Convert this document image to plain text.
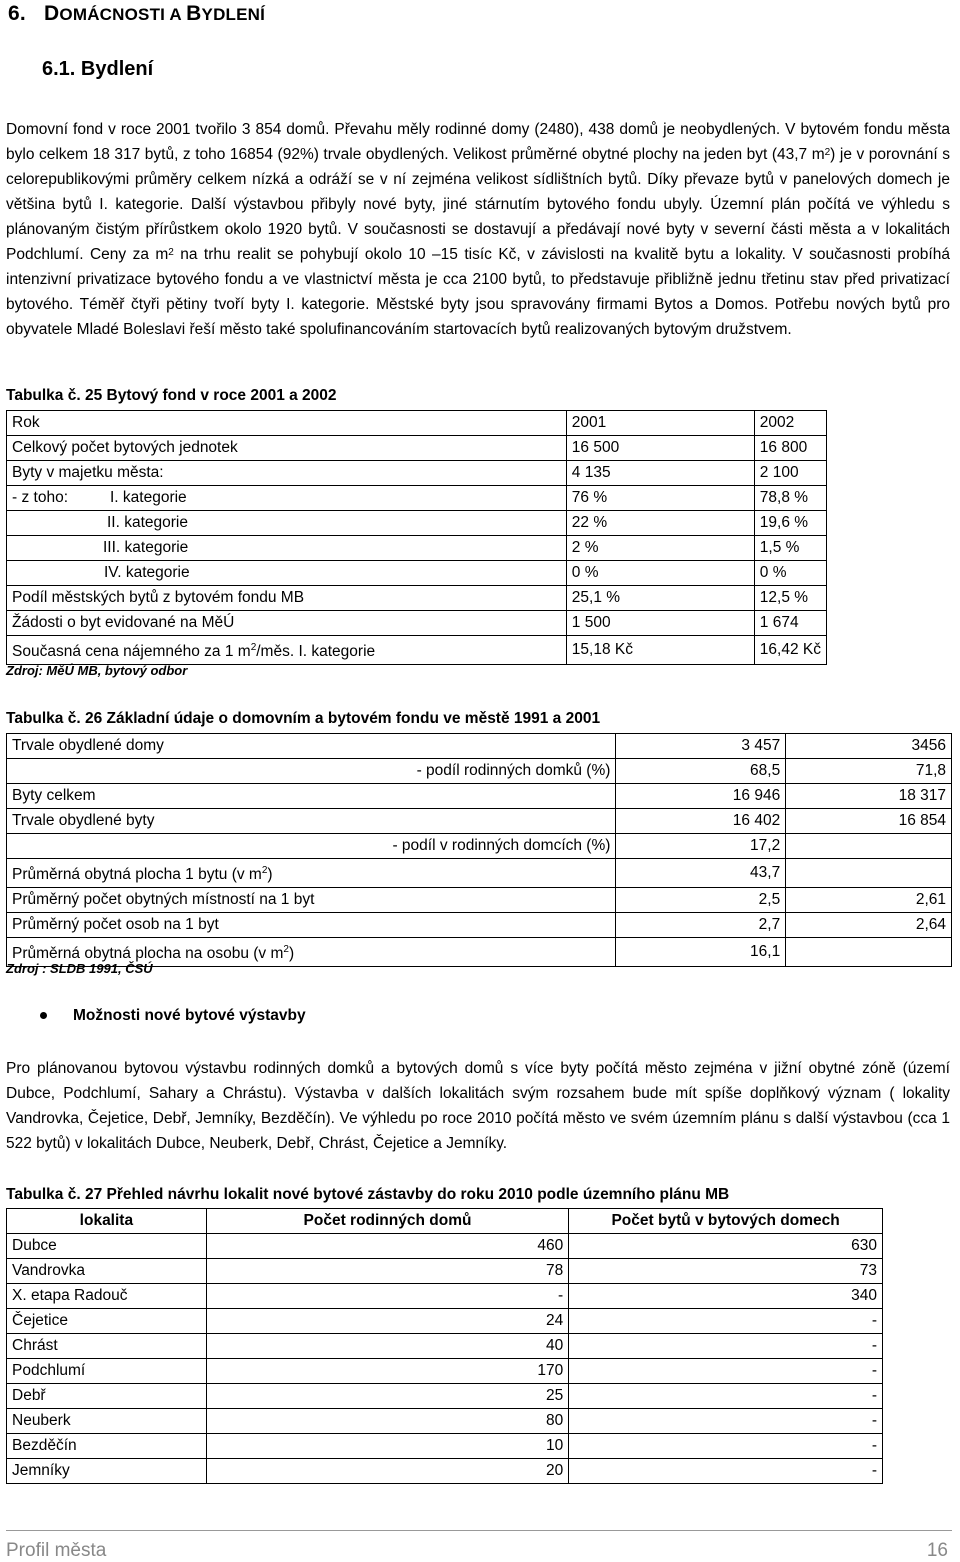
6. DOMÁCNOSTI A BYDLENÍ
6.1. Bydlení
Domovní fond v roce 2001 tvořilo 3 854 domů. Převahu měly rodinné domy (2480), 438 domů je neobydlených. V bytovém fondu města bylo celkem 18 317 bytů, z toho 16854 (92%) trvale obydlených. Velikost průměrné obytné plochy na jeden byt (43,7 $m^2$) je v porovnání s celorepublikovými průměry celkem nízká a odráží se v ní zejména velikost sídlištních bytů. Díky převaze bytů v panelových domech je většina bytů I. kategorie. Další výstavbou přibyly nové byty, jiné stárnutím bytového fondu ubyly. Územní plán počítá ve výhledu s plánovaným čistým přírůstkem okolo 1920 bytů. V současnosti se dostavují a předávají nové byty v severní části města a v lokalitách Podchlumí. Ceny za $m^2$ na trhu realit se pohybují okolo 10 –15 tisíc Kč, v závislosti na kvalitě bytu a lokality. V současnosti probíhá intenzivní privatizace bytového fondu a ve vlastnictví města je cca 2100 bytů, to představuje přibližně jednu třetinu stav před privatizací bytového. Téměř čtyři pětiny tvoří byty I. kategorie. Městské byty jsou spravovány firmami Bytos a Domos. Potřebu nových bytů pro obyvatele Mladé Boleslavi řeší město také spolufinancováním startovacích bytů realizovaných bytovým družstvem.
Tabulka č. 25 Bytový fond v roce 2001 a 2002
Rok	2001	2002
Celkový počet bytových jednotek	16 500	16 800
Byty v majetku města:	4 135	2 100
- z toho: I. kategorie	76 %	78,8 %
II. kategorie	22 %	19,6 %
III. kategorie	2 %	1,5 %
IV. kategorie	0 %	0 %
Podíl městských bytů z bytovém fondu MB	25,1 %	12,5 %
Žádosti o byt evidované na MěÚ	1 500	1 674
Současná cena nájemného za 1 $m^2$/měs. I. kategorie	15,18 Kč	16,42 Kč
Zdroj: MěÚ MB, bytový odbor
Tabulka č. 26 Základní údaje o domovním a bytovém fondu ve městě 1991 a 2001
Trvale obydlené domy	3 457	3456
- podíl rodinných domků (%)	68,5	71,8
Byty celkem	16 946	18 317
Trvale obydlené byty	16 402	16 854
- podíl v rodinných domcích (%)	17,2	
Průměrná obytná plocha 1 bytu (v $m^2$)	43,7	
Průměrný počet obytných místností na 1 byt	2,5	2,61
Průměrný počet osob na 1 byt	2,7	2,64
Průměrná obytná plocha na osobu (v $m^2$)	16,1	
Zdroj : SLDB 1991, ČSÚ
Možnosti nové bytové výstavby
Pro plánovanou bytovou výstavbu rodinných domků a bytových domů s více byty počítá město zejména v jižní obytné zóně (území Dubce, Podchlumí, Sahary a Chrástu). Výstavba v dalších lokalitách svým rozsahem bude mít spíše doplňkový význam ( lokality Vandrovka, Čejetice, Debř, Jemníky, Bezděčín). Ve výhledu po roce 2010 počítá město ve svém územním plánu s další výstavbou (cca 1 522 bytů) v lokalitách Dubce, Neuberk, Debř, Chrást, Čejetice a Jemníky.
Tabulka č. 27 Přehled návrhu lokalit nové bytové zástavby do roku 2010 podle územního plánu MB
lokalita	Počet rodinných domů	Počet bytů v bytových domech
Dubce	460	630
Vandrovka	78	73
X. etapa Radouč	-	340
Čejetice	24	-
Chrást	40	-
Podchlumí	170	-
Debř	25	-
Neuberk	80	-
Bezděčín	10	-
Jemníky	20	-
Profil města	16
